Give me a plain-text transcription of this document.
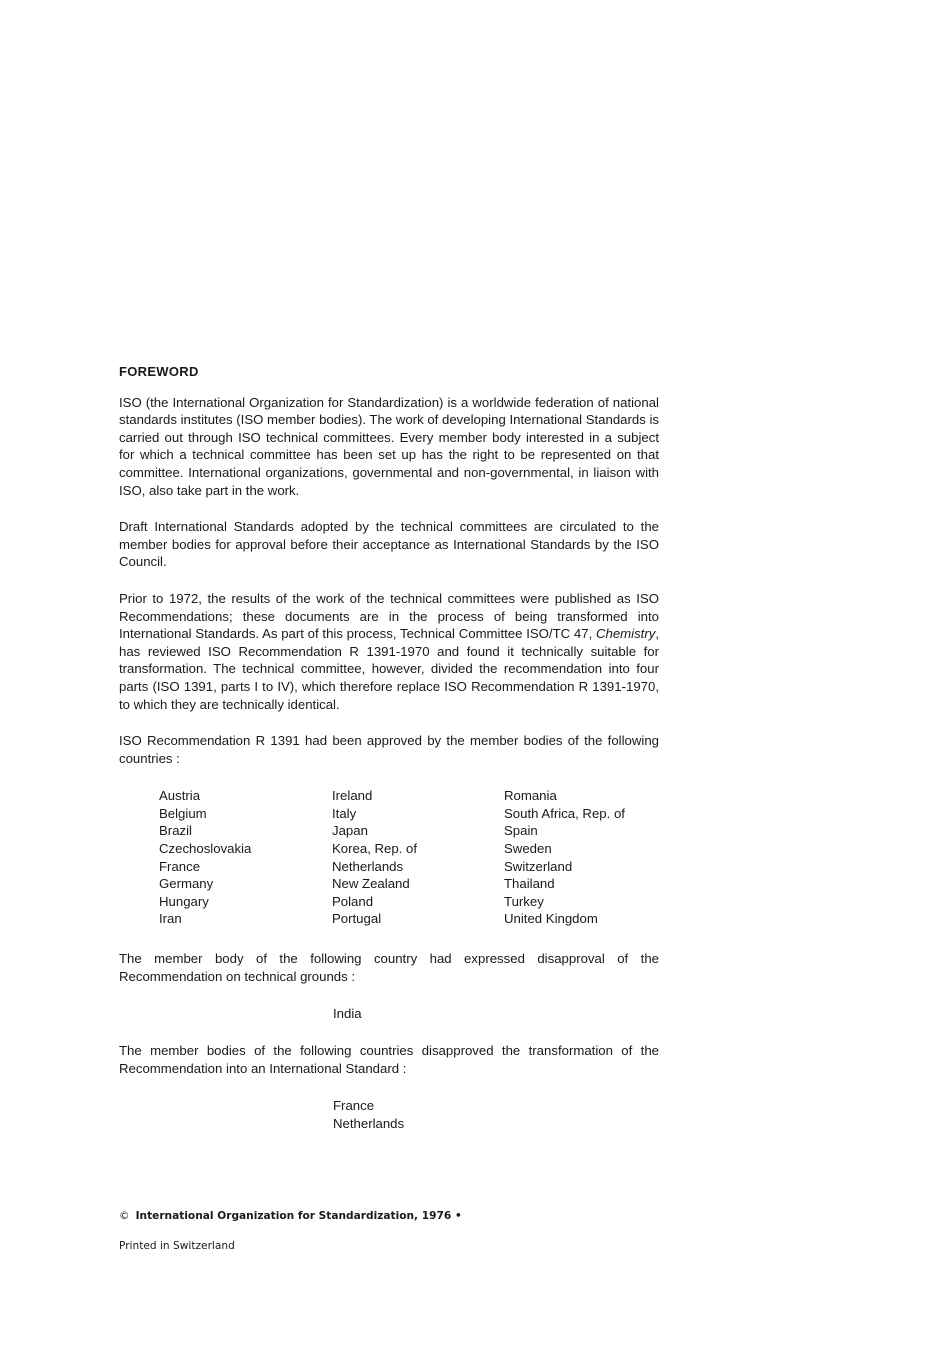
FOREWORD

ISO (the International Organization for Standardization) is a worldwide federation of national standards institutes (ISO member bodies). The work of developing International Standards is carried out through ISO technical committees. Every member body interested in a subject for which a technical committee has been set up has the right to be represented on that committee. International organizations, governmental and non-governmental, in liaison with ISO, also take part in the work.

Draft International Standards adopted by the technical committees are circulated to the member bodies for approval before their acceptance as International Standards by the ISO Council.

Prior to 1972, the results of the work of the technical committees were published as ISO Recommendations; these documents are in the process of being transformed into International Standards. As part of this process, Technical Committee ISO/TC 47, Chemistry, has reviewed ISO Recommendation R 1391-1970 and found it technically suitable for transformation. The technical committee, however, divided the recommendation into four parts (ISO 1391, parts I to IV), which therefore replace ISO Recommendation R 1391-1970, to which they are technically identical.

ISO Recommendation R 1391 had been approved by the member bodies of the following countries :

Austria
Belgium
Brazil
Czechoslovakia
France
Germany
Hungary
Iran
Ireland
Italy
Japan
Korea, Rep. of
Netherlands
New Zealand
Poland
Portugal
Romania
South Africa, Rep. of
Spain
Sweden
Switzerland
Thailand
Turkey
United Kingdom

The member body of the following country had expressed disapproval of the Recommendation on technical grounds :

India

The member bodies of the following countries disapproved the transformation of the Recommendation into an International Standard :

France
Netherlands
© International Organization for Standardization, 1976 •
Printed in Switzerland
